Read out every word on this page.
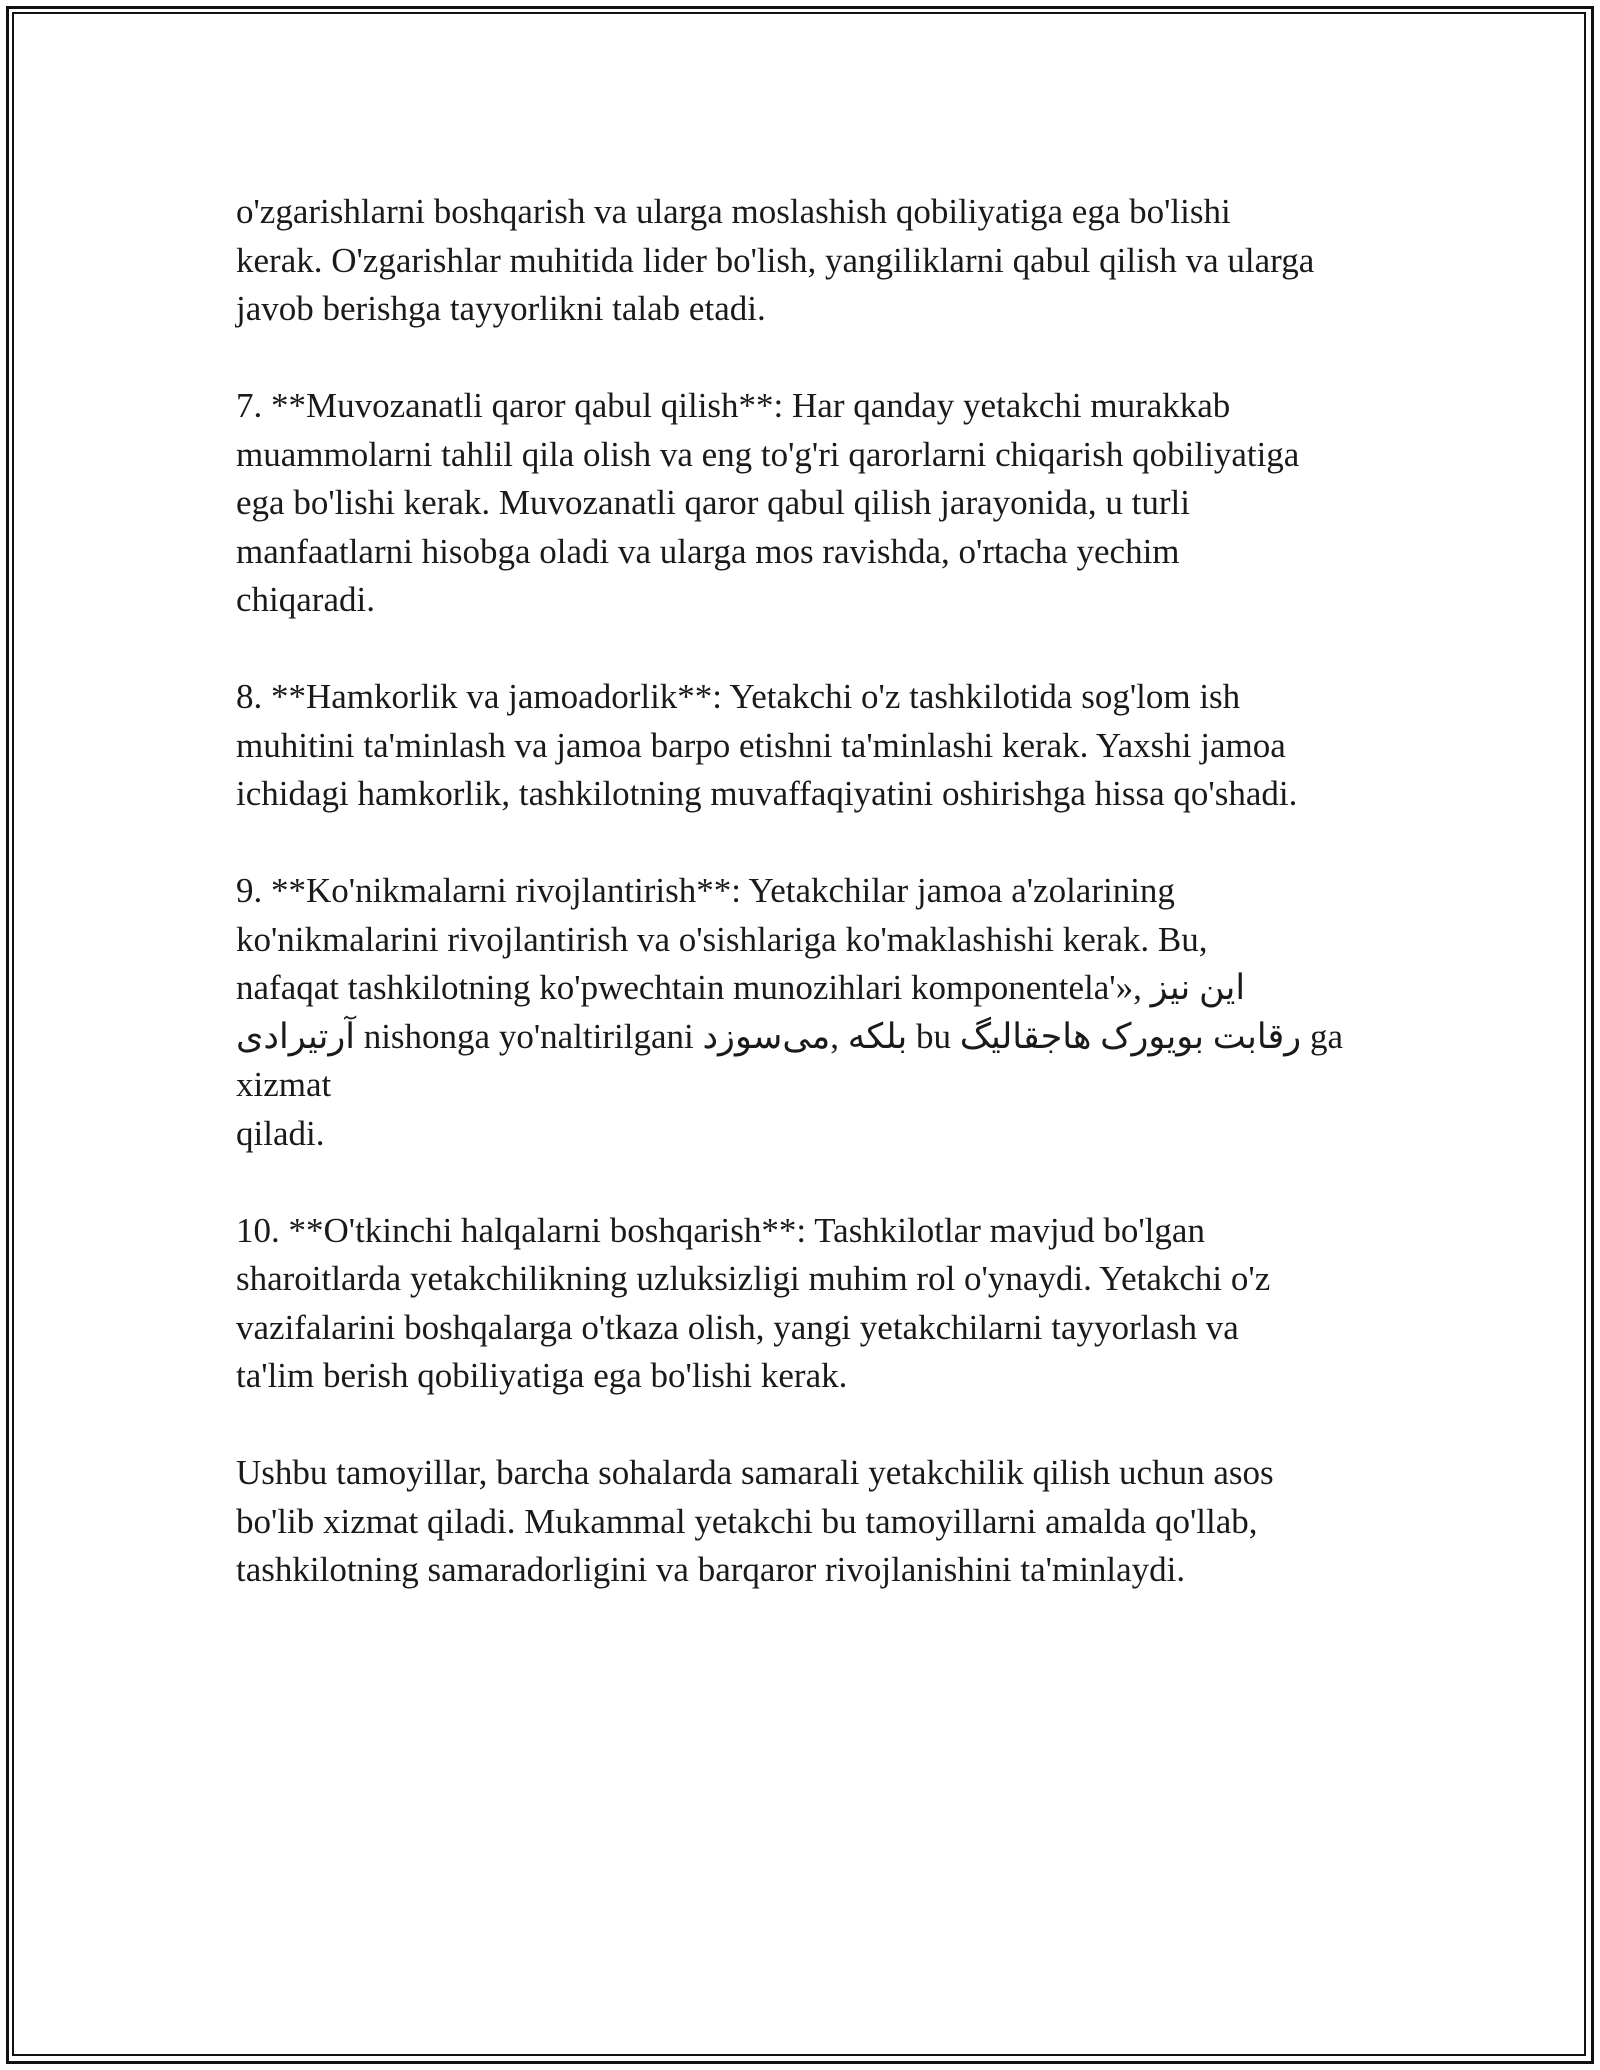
o'zgarishlarni boshqarish va ularga moslashish qobiliyatiga ega bo'lishi
kerak. O'zgarishlar muhitida lider bo'lish, yangiliklarni qabul qilish va ularga
javob berishga tayyorlikni talab etadi.

7. **Muvozanatli qaror qabul qilish**: Har qanday yetakchi murakkab
muammolarni tahlil qila olish va eng to'g'ri qarorlarni chiqarish qobiliyatiga
ega bo'lishi kerak. Muvozanatli qaror qabul qilish jarayonida, u turli
manfaatlarni hisobga oladi va ularga mos ravishda, o'rtacha yechim
chiqaradi.

8. **Hamkorlik va jamoadorlik**: Yetakchi o'z tashkilotida sog'lom ish
muhitini ta'minlash va jamoa barpo etishni ta'minlashi kerak. Yaxshi jamoa
ichidagi hamkorlik, tashkilotning muvaffaqiyatini oshirishga hissa qo'shadi.

9. **Ko'nikmalarni rivojlantirish**: Yetakchilar jamoa a'zolarining
ko'nikmalarini rivojlantirish va o'sishlariga ko'maklashishi kerak. Bu,
nafaqat tashkilotning ko'pwechtain munozihlari komponentela'», این نیز
آرتیرادی nishonga yo'naltirilgani بلکه ,می‌سوزد bu رقابت بویورک هاجقالیگ ga xizmat
qiladi.

10. **O'tkinchi halqalarni boshqarish**: Tashkilotlar mavjud bo'lgan
sharoitlarda yetakchilikning uzluksizligi muhim rol o'ynaydi. Yetakchi o'z
vazifalarini boshqalarga o'tkaza olish, yangi yetakchilarni tayyorlash va
ta'lim berish qobiliyatiga ega bo'lishi kerak.

Ushbu tamoyillar, barcha sohalarda samarali yetakchilik qilish uchun asos
bo'lib xizmat qiladi. Mukammal yetakchi bu tamoyillarni amalda qo'llab,
tashkilotning samaradorligini va barqaror rivojlanishini ta'minlaydi.
